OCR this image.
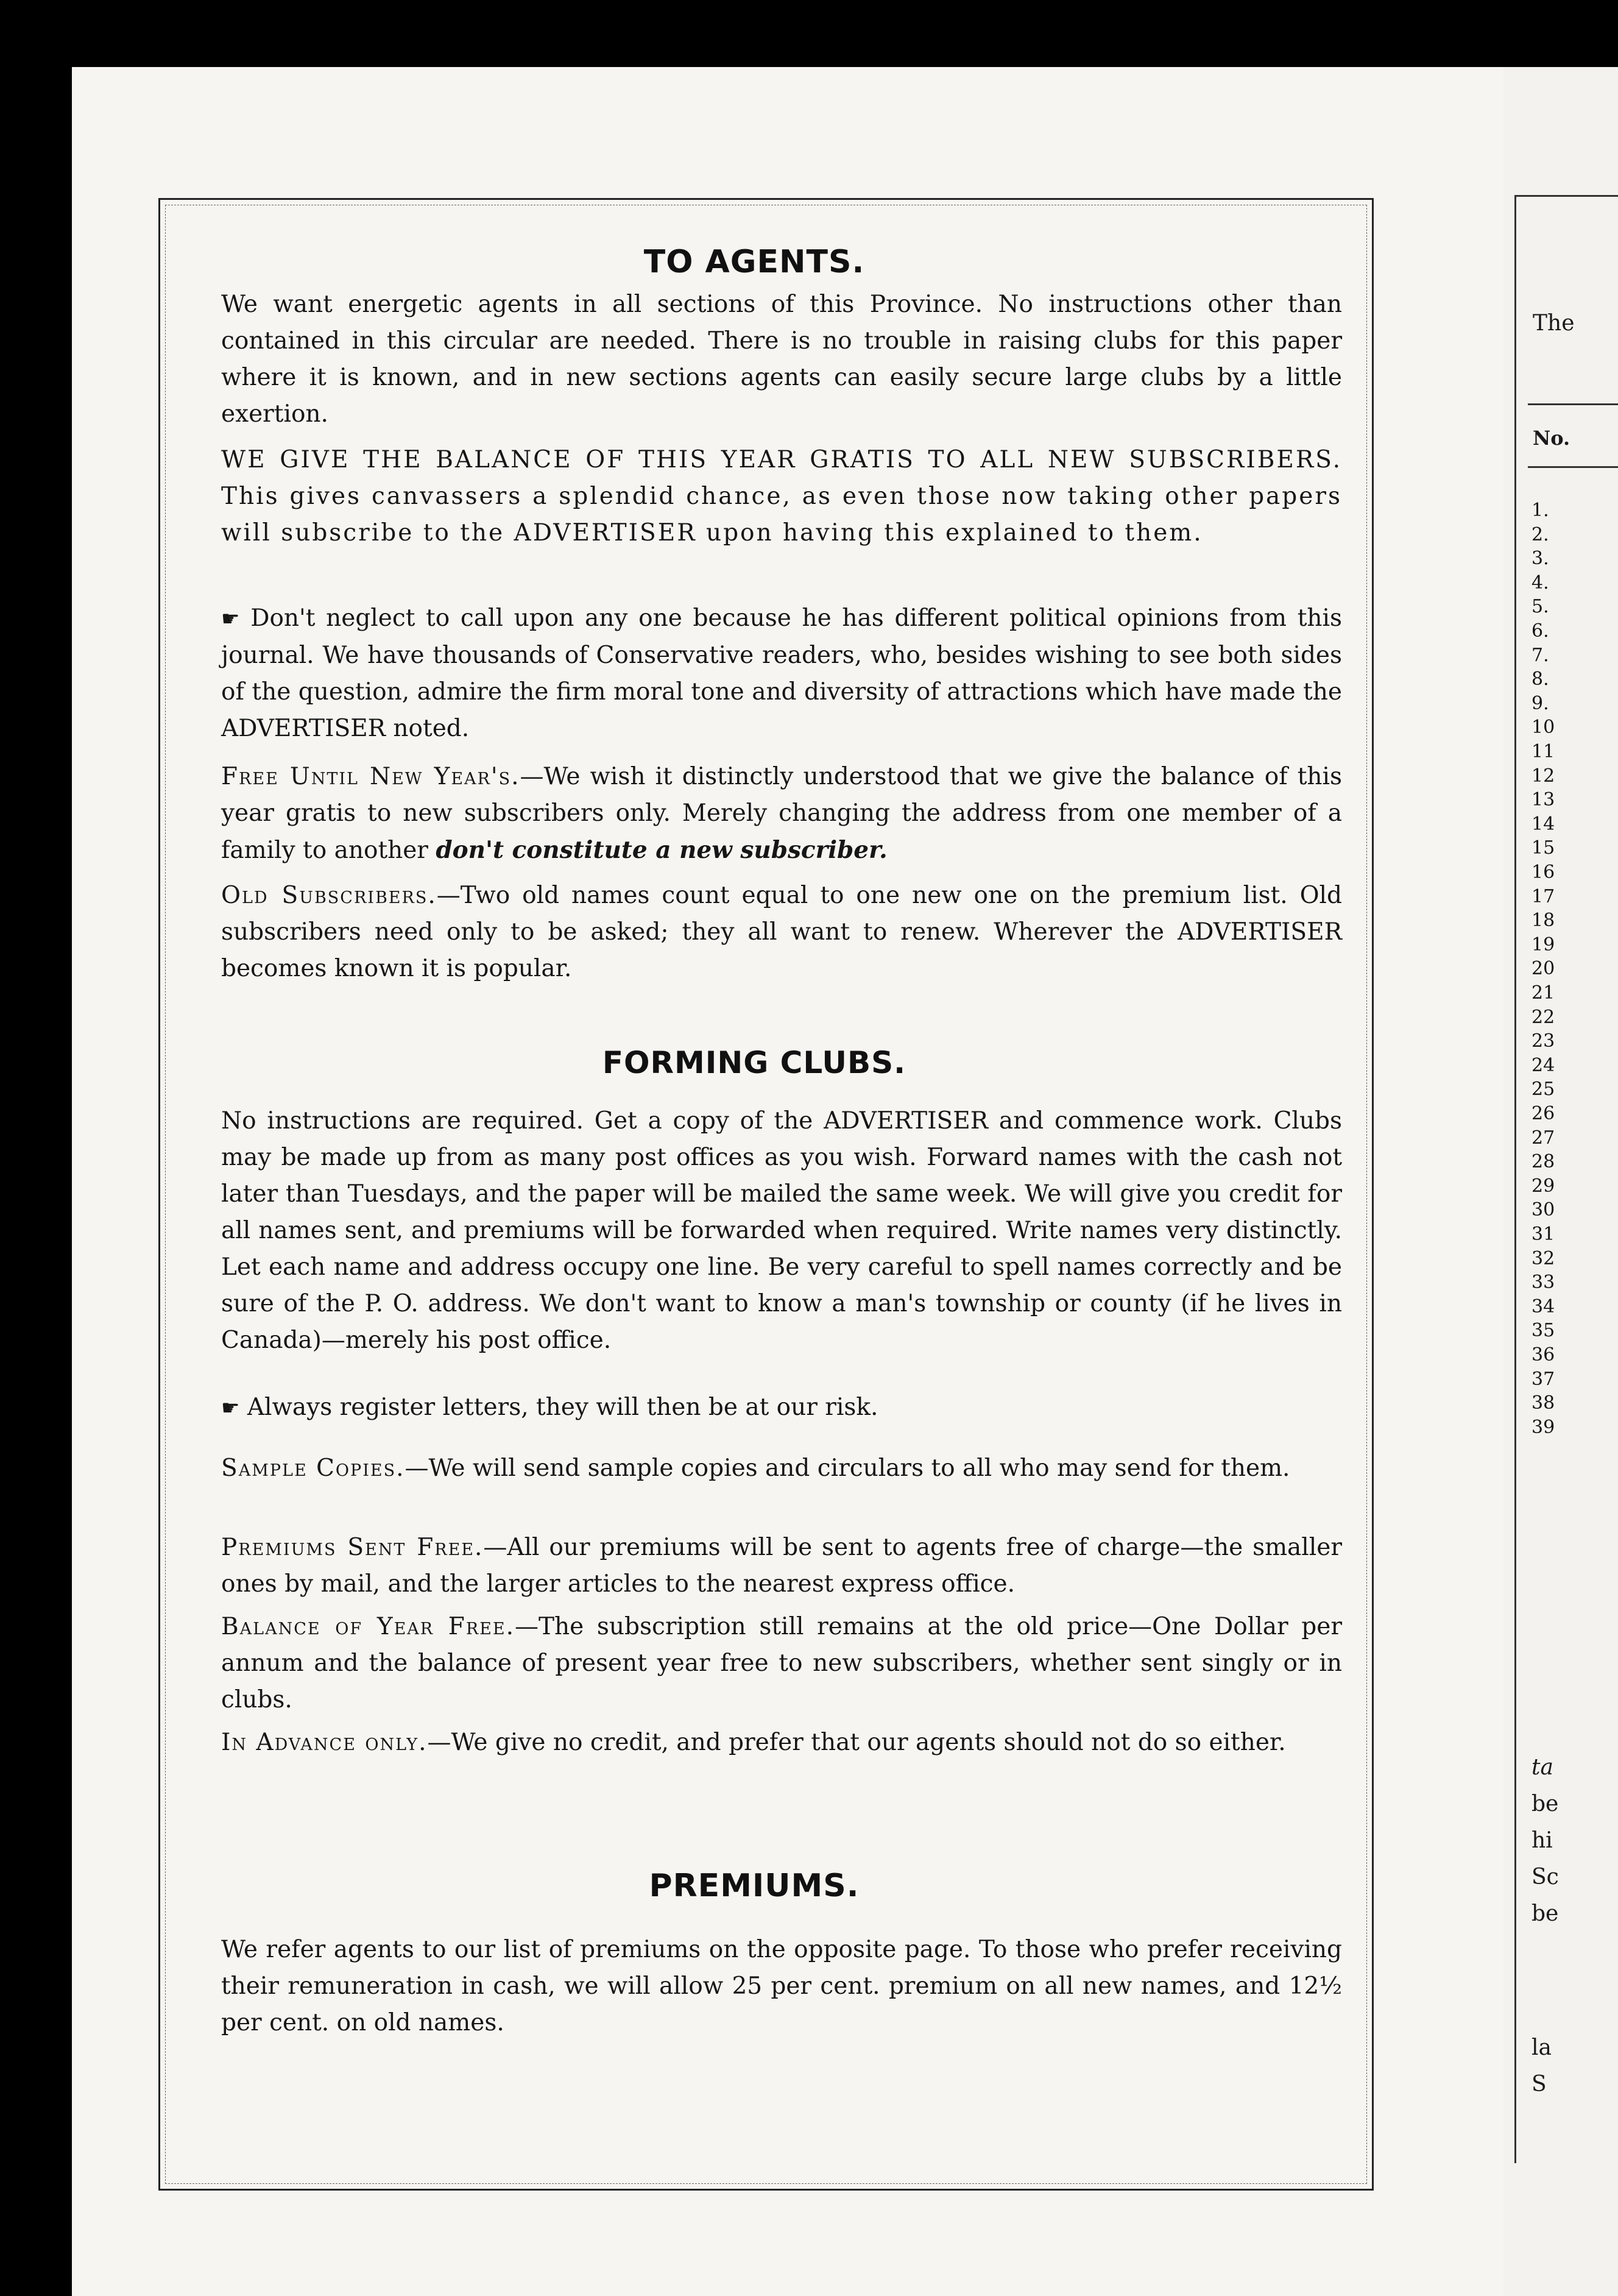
TO AGENTS.
We want energetic agents in all sections of this Province. No instructions other than contained in this circular are needed. There is no trouble in raising clubs for this paper where it is known, and in new sections agents can easily secure large clubs by a little exertion.
WE GIVE THE BALANCE OF THIS YEAR GRATIS TO ALL NEW SUBSCRIBERS. This gives canvassers a splendid chance, as even those now taking other papers will subscribe to the ADVERTISER upon having this explained to them.
☛ Don't neglect to call upon any one because he has different political opinions from this journal. We have thousands of Conservative readers, who, besides wishing to see both sides of the question, admire the firm moral tone and diversity of attractions which have made the ADVERTISER noted.
Free Until New Year's.—We wish it distinctly understood that we give the balance of this year gratis to new subscribers only. Merely changing the address from one member of a family to another don't constitute a new subscriber.
Old Subscribers.—Two old names count equal to one new one on the premium list. Old subscribers need only to be asked; they all want to renew. Wherever the ADVERTISER becomes known it is popular.
FORMING CLUBS.
No instructions are required. Get a copy of the ADVERTISER and commence work. Clubs may be made up from as many post offices as you wish. Forward names with the cash not later than Tuesdays, and the paper will be mailed the same week. We will give you credit for all names sent, and premiums will be forwarded when required. Write names very distinctly. Let each name and address occupy one line. Be very careful to spell names correctly and be sure of the P. O. address. We don't want to know a man's township or county (if he lives in Canada)—merely his post office.
☛ Always register letters, they will then be at our risk.
Sample Copies.—We will send sample copies and circulars to all who may send for them.
Premiums Sent Free.—All our premiums will be sent to agents free of charge—the smaller ones by mail, and the larger articles to the nearest express office.
Balance of Year Free.—The subscription still remains at the old price—One Dollar per annum and the balance of present year free to new subscribers, whether sent singly or in clubs.
In Advance only.—We give no credit, and prefer that our agents should not do so either.
PREMIUMS.
We refer agents to our list of premiums on the opposite page. To those who prefer receiving their remuneration in cash, we will allow 25 per cent. premium on all new names, and 12½ per cent. on old names.
The
No.
1.
2.
3.
4.
5.
6.
7.
8.
9.
10
11
12
13
14
15
16
17
18
19
20
21
22
23
24
25
26
27
28
29
30
31
32
33
34
35
36
37
38
39
ta
be
hi
Sc
be
la
S
